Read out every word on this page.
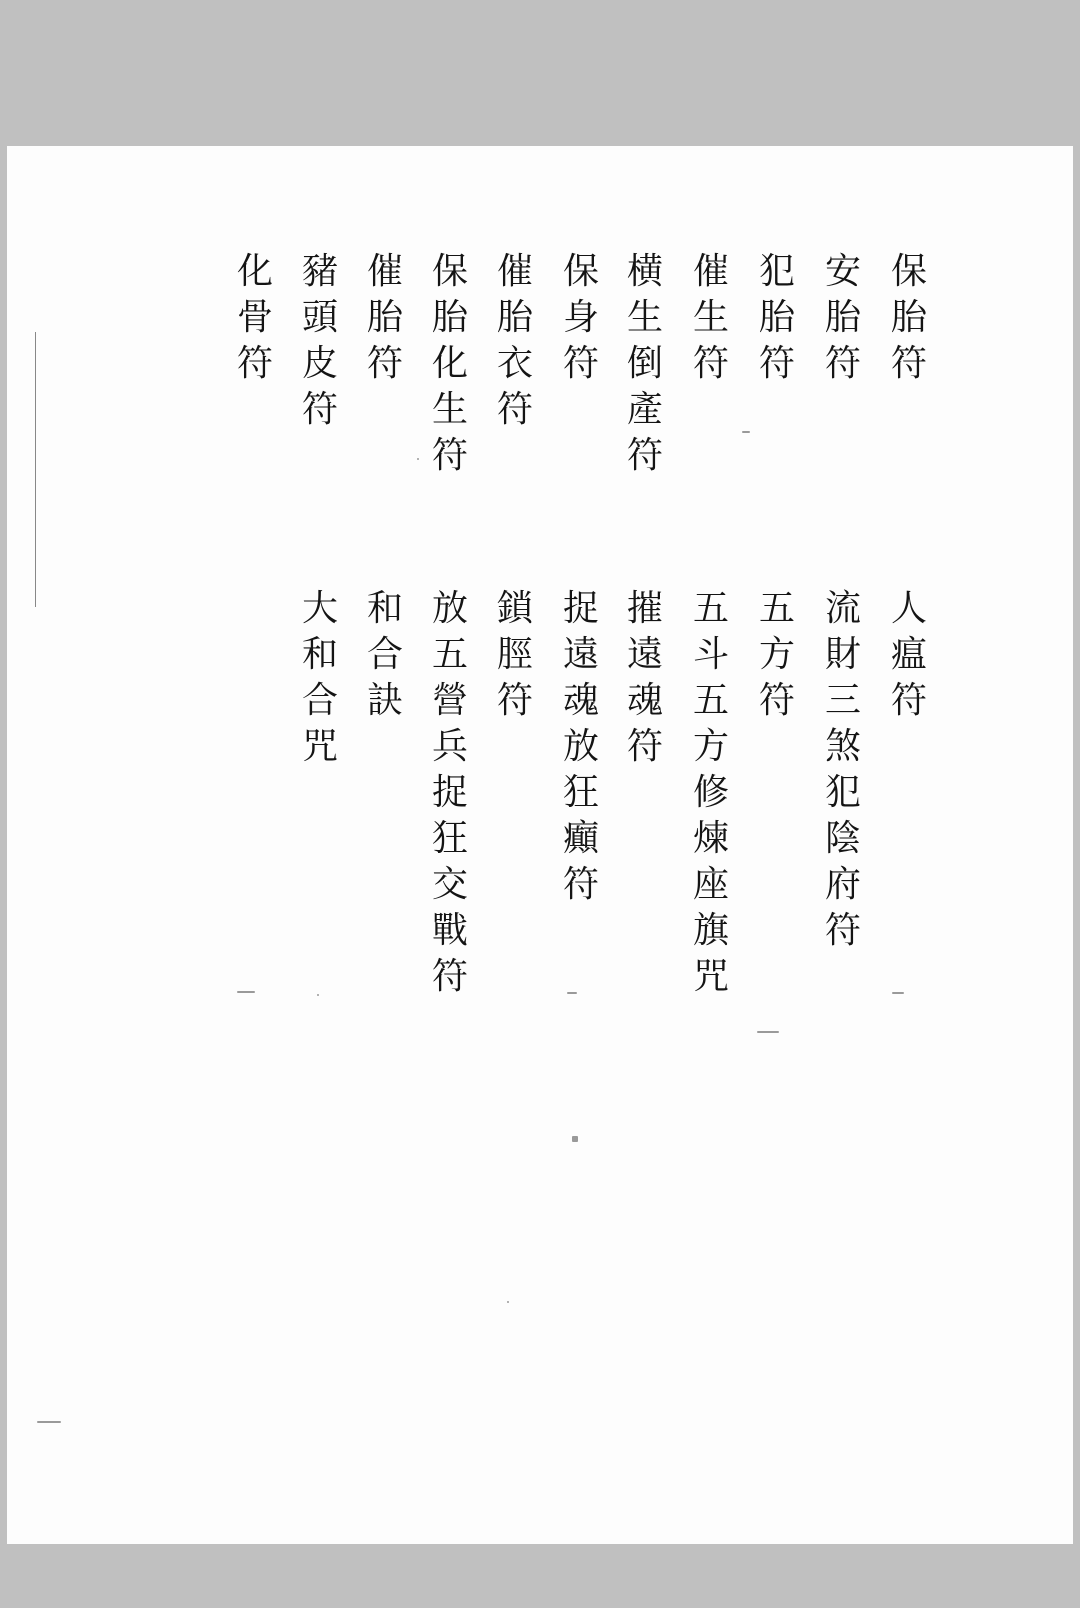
保
胎
符
安
胎
符
犯
胎
符
催
生
符
横
生
倒
產
符
保
身
符
催
胎
衣
符
保
胎
化
生
符
催
胎
符
豬
頭
皮
符
化
骨
符
人
瘟
符
流
財
三
煞
犯
陰
府
符
五
方
符
五
斗
五
方
修
煉
座
旗
咒
摧
遠
魂
符
捉
遠
魂
放
狂
癲
符
鎖
脛
符
放
五
營
兵
捉
狂
交
戰
符
和
合
訣
大
和
合
咒
